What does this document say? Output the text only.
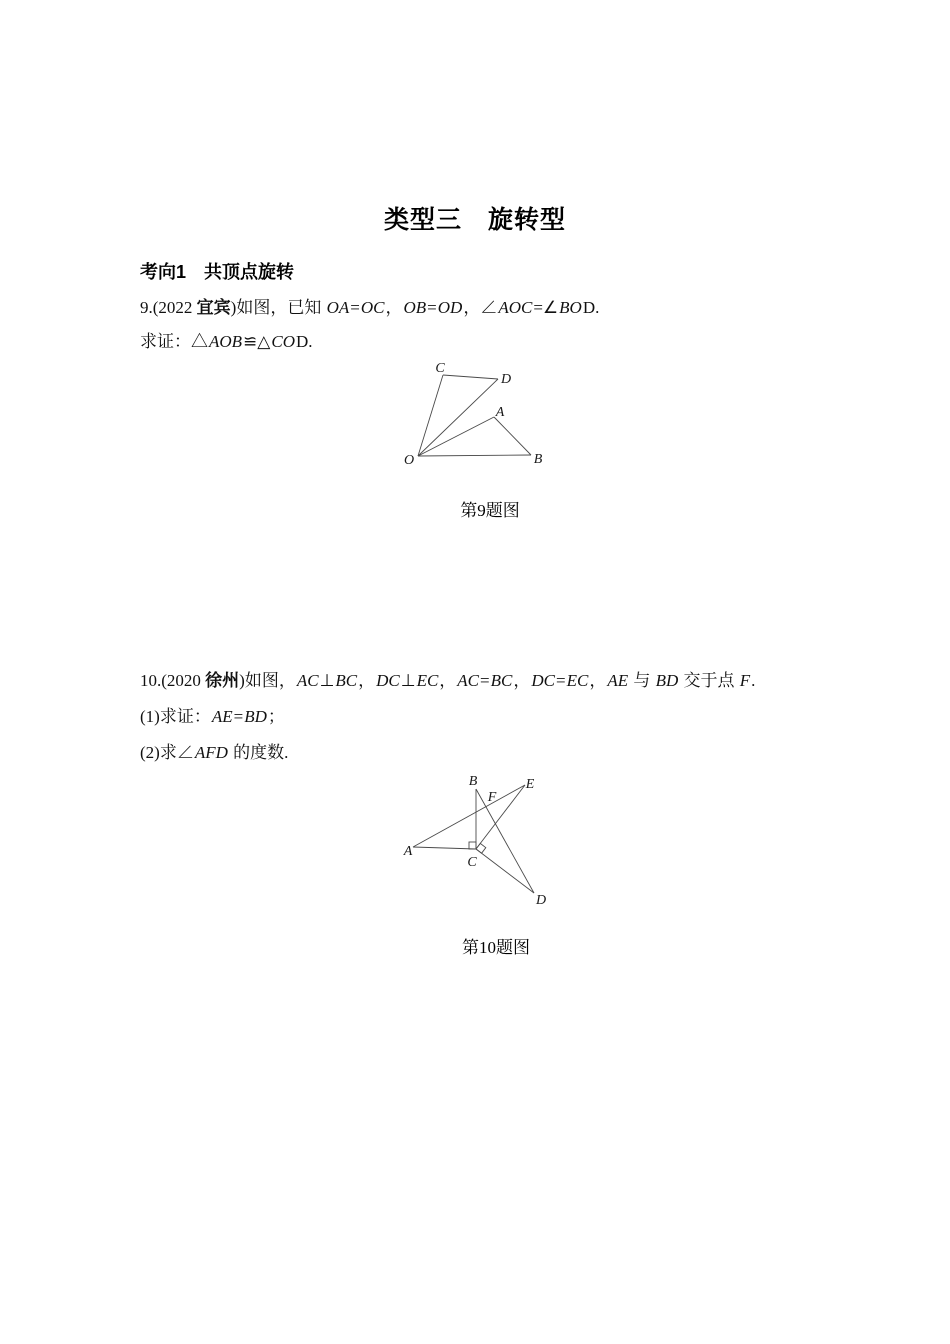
类型三　旋转型
考向1　共顶点旋转
9.(2022 宜宾)如图，已知 OA=OC，OB=OD，∠AOC=∠BOD.
求证：△AOB≌△COD.
C
D
A
O	B
第9题图
10.(2020 徐州)如图，AC⊥BC，DC⊥EC，AC=BC，DC=EC，AE 与 BD 交于点 F.
(1)求证：AE=BD；
(2)求∠AFD 的度数.
B	E
F
A
C
D
第10题图
